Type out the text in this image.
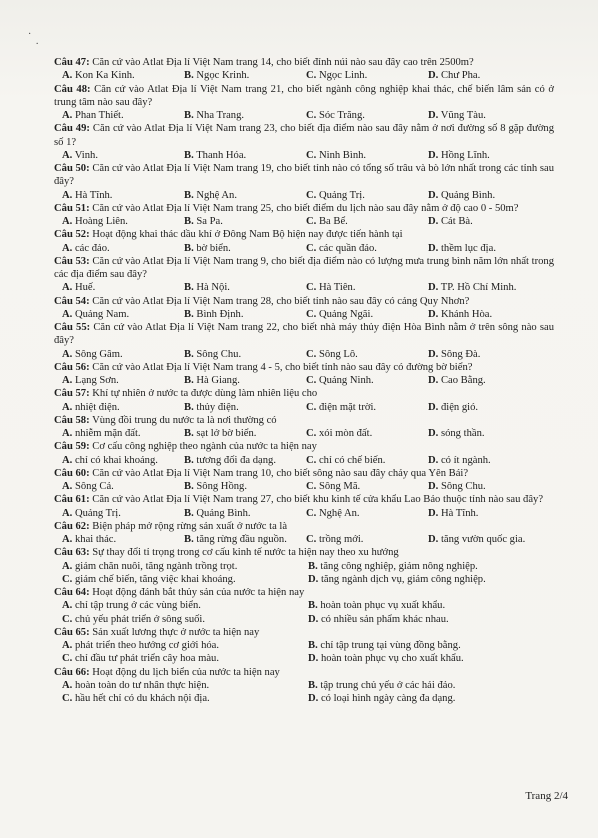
·
·
Câu 47: Căn cứ vào Atlat Địa lí Việt Nam trang 14, cho biết đỉnh núi nào sau đây cao trên 2500m?
A. Kon Ka Kinh.	B. Ngọc Krinh.	C. Ngọc Linh.	D. Chư Pha.
Câu 48: Căn cứ vào Atlat Địa lí Việt Nam trang 21, cho biết ngành công nghiệp khai thác, chế biến lâm sản có ở trung tâm nào sau đây?
A. Phan Thiết.	B. Nha Trang.	C. Sóc Trăng.	D. Vũng Tàu.
Câu 49: Căn cứ vào Atlat Địa lí Việt Nam trang 23, cho biết địa điểm nào sau đây nằm ở nơi đường số 8 gặp đường số 1?
A. Vinh.	B. Thanh Hóa.	C. Ninh Bình.	D. Hồng Lĩnh.
Câu 50: Căn cứ vào Atlat Địa lí Việt Nam trang 19, cho biết tỉnh nào có tổng số trâu và bò lớn nhất trong các tỉnh sau đây?
A. Hà Tĩnh.	B. Nghệ An.	C. Quảng Trị.	D. Quảng Bình.
Câu 51: Căn cứ vào Atlat Địa lí Việt Nam trang 25, cho biết điểm du lịch nào sau đây nằm ở độ cao 0 - 50m?
A. Hoàng Liên.	B. Sa Pa.	C. Ba Bể.	D. Cát Bà.
Câu 52: Hoạt động khai thác dầu khí ở Đông Nam Bộ hiện nay được tiến hành tại
A. các đảo.	B. bờ biển.	C. các quần đảo.	D. thềm lục địa.
Câu 53: Căn cứ vào Atlat Địa lí Việt Nam trang 9, cho biết địa điểm nào có lượng mưa trung bình năm lớn nhất trong các địa điểm sau đây?
A. Huế.	B. Hà Nội.	C. Hà Tiên.	D. TP. Hồ Chí Minh.
Câu 54: Căn cứ vào Atlat Địa lí Việt Nam trang 28, cho biết tỉnh nào sau đây có cảng Quy Nhơn?
A. Quảng Nam.	B. Bình Định.	C. Quảng Ngãi.	D. Khánh Hòa.
Câu 55: Căn cứ vào Atlat Địa lí Việt Nam trang 22, cho biết nhà máy thủy điện Hòa Bình nằm ở trên sông nào sau đây?
A. Sông Gâm.	B. Sông Chu.	C. Sông Lô.	D. Sông Đà.
Câu 56: Căn cứ vào Atlat Địa lí Việt Nam trang 4 - 5, cho biết tỉnh nào sau đây có đường bờ biển?
A. Lạng Sơn.	B. Hà Giang.	C. Quảng Ninh.	D. Cao Bằng.
Câu 57: Khí tự nhiên ở nước ta được dùng làm nhiên liệu cho
A. nhiệt điện.	B. thủy điện.	C. điện mặt trời.	D. điện gió.
Câu 58: Vùng đồi trung du nước ta là nơi thường có
A. nhiễm mặn đất.	B. sạt lở bờ biển.	C. xói mòn đất.	D. sóng thần.
Câu 59: Cơ cấu công nghiệp theo ngành của nước ta hiện nay
A. chỉ có khai khoáng.	B. tương đối đa dạng.	C. chỉ có chế biến.	D. có ít ngành.
Câu 60: Căn cứ vào Atlat Địa lí Việt Nam trang 10, cho biết sông nào sau đây chảy qua Yên Bái?
A. Sông Cả.	B. Sông Hồng.	C. Sông Mã.	D. Sông Chu.
Câu 61: Căn cứ vào Atlat Địa lí Việt Nam trang 27, cho biết khu kinh tế cửa khẩu Lao Bảo thuộc tỉnh nào sau đây?
A. Quảng Trị.	B. Quảng Bình.	C. Nghệ An.	D. Hà Tĩnh.
Câu 62: Biện pháp mở rộng rừng sản xuất ở nước ta là
A. khai thác.	B. tăng rừng đầu nguồn.	C. trồng mới.	D. tăng vườn quốc gia.
Câu 63: Sự thay đổi tỉ trọng trong cơ cấu kinh tế nước ta hiện nay theo xu hướng
A. giảm chăn nuôi, tăng ngành trồng trọt.	B. tăng công nghiệp, giảm nông nghiệp.
C. giảm chế biến, tăng việc khai khoáng.	D. tăng ngành dịch vụ, giảm công nghiệp.
Câu 64: Hoạt động đánh bắt thủy sản của nước ta hiện nay
A. chỉ tập trung ở các vùng biển.	B. hoàn toàn phục vụ xuất khẩu.
C. chủ yếu phát triển ở sông suối.	D. có nhiều sản phẩm khác nhau.
Câu 65: Sản xuất lương thực ở nước ta hiện nay
A. phát triển theo hướng cơ giới hóa.	B. chỉ tập trung tại vùng đồng bằng.
C. chỉ đầu tư phát triển cây hoa màu.	D. hoàn toàn phục vụ cho xuất khẩu.
Câu 66: Hoạt động du lịch biển của nước ta hiện nay
A. hoàn toàn do tư nhân thực hiện.	B. tập trung chủ yếu ở các hải đảo.
C. hầu hết chỉ có du khách nội địa.	D. có loại hình ngày càng đa dạng.
Trang 2/4
